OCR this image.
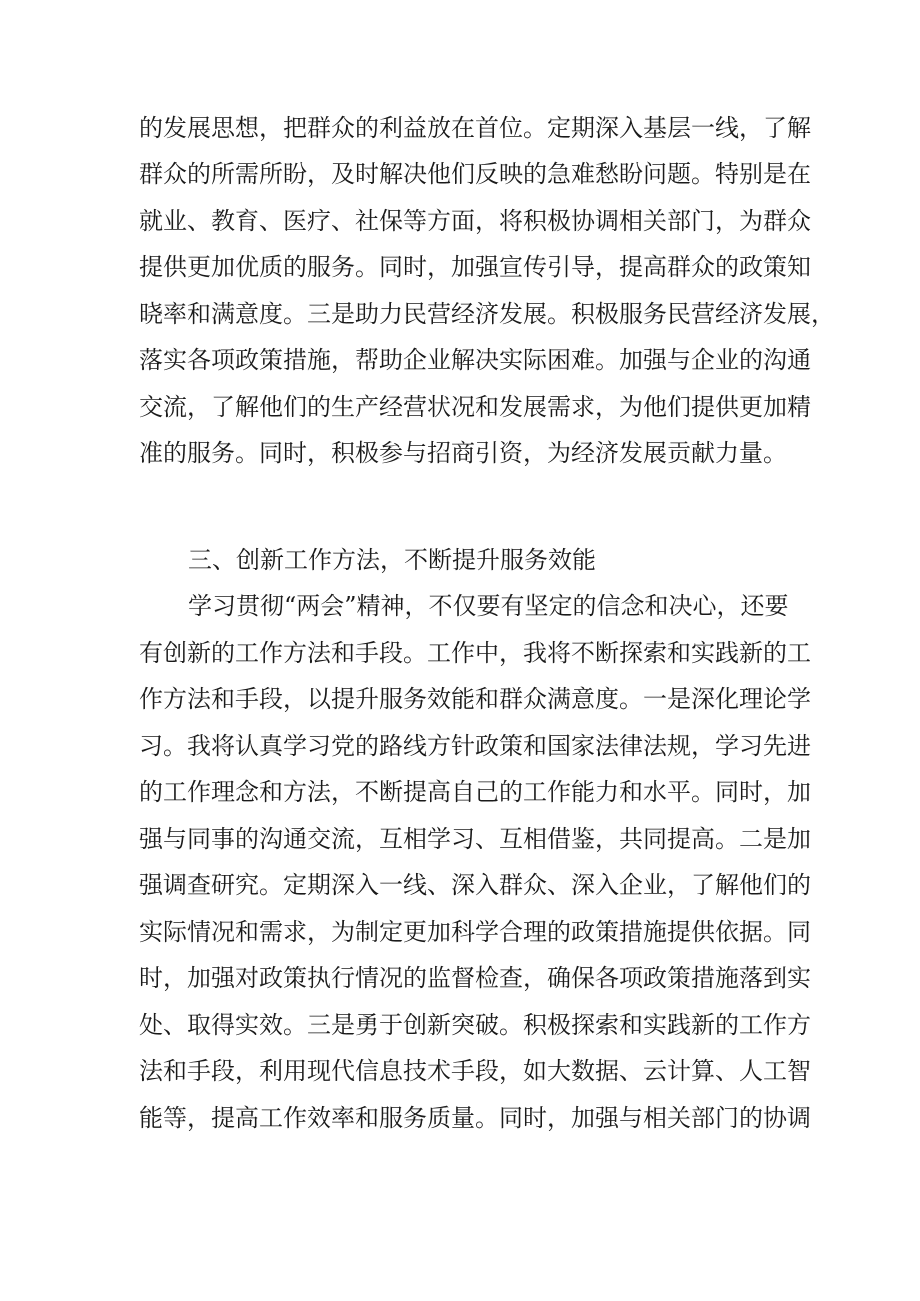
的发展思想，把群众的利益放在首位。定期深入基层一线，了解
群众的所需所盼，及时解决他们反映的急难愁盼问题。特别是在
就业、教育、医疗、社保等方面，将积极协调相关部门，为群众
提供更加优质的服务。同时，加强宣传引导，提高群众的政策知
晓率和满意度。三是助力民营经济发展。积极服务民营经济发展，
落实各项政策措施，帮助企业解决实际困难。加强与企业的沟通
交流，了解他们的生产经营状况和发展需求，为他们提供更加精
准的服务。同时，积极参与招商引资，为经济发展贡献力量。
三、创新工作方法，不断提升服务效能
学习贯彻“两会”精神，不仅要有坚定的信念和决心，还要
有创新的工作方法和手段。工作中，我将不断探索和实践新的工
作方法和手段，以提升服务效能和群众满意度。一是深化理论学
习。我将认真学习党的路线方针政策和国家法律法规，学习先进
的工作理念和方法，不断提高自己的工作能力和水平。同时，加
强与同事的沟通交流，互相学习、互相借鉴，共同提高。二是加
强调查研究。定期深入一线、深入群众、深入企业，了解他们的
实际情况和需求，为制定更加科学合理的政策措施提供依据。同
时，加强对政策执行情况的监督检查，确保各项政策措施落到实
处、取得实效。三是勇于创新突破。积极探索和实践新的工作方
法和手段，利用现代信息技术手段，如大数据、云计算、人工智
能等，提高工作效率和服务质量。同时，加强与相关部门的协调
